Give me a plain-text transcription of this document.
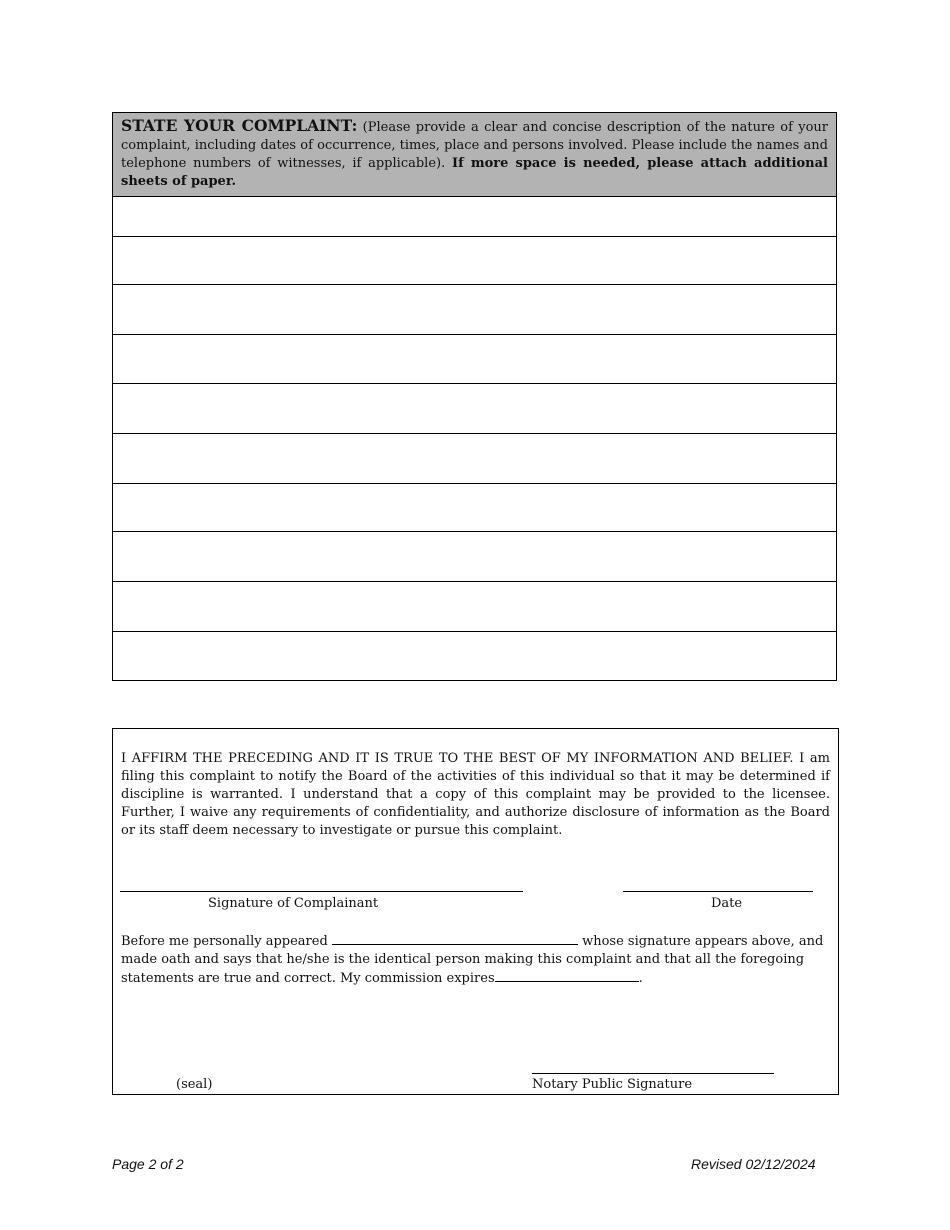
STATE YOUR COMPLAINT: (Please provide a clear and concise description of the nature of your complaint, including dates of occurrence, times, place and persons involved. Please include the names and telephone numbers of witnesses, if applicable). If more space is needed, please attach additional sheets of paper.
I AFFIRM THE PRECEDING AND IT IS TRUE TO THE BEST OF MY INFORMATION AND BELIEF. I am filing this complaint to notify the Board of the activities of this individual so that it may be determined if discipline is warranted. I understand that a copy of this complaint may be provided to the licensee. Further, I waive any requirements of confidentiality, and authorize disclosure of information as the Board or its staff deem necessary to investigate or pursue this complaint.
Signature of Complainant	Date
Before me personally appeared	whose signature appears above, and made oath and says that he/she is the identical person making this complaint and that all the foregoing statements are true and correct. My commission expires	.
(seal)	Notary Public Signature
Page 2 of 2	Revised 02/12/2024
